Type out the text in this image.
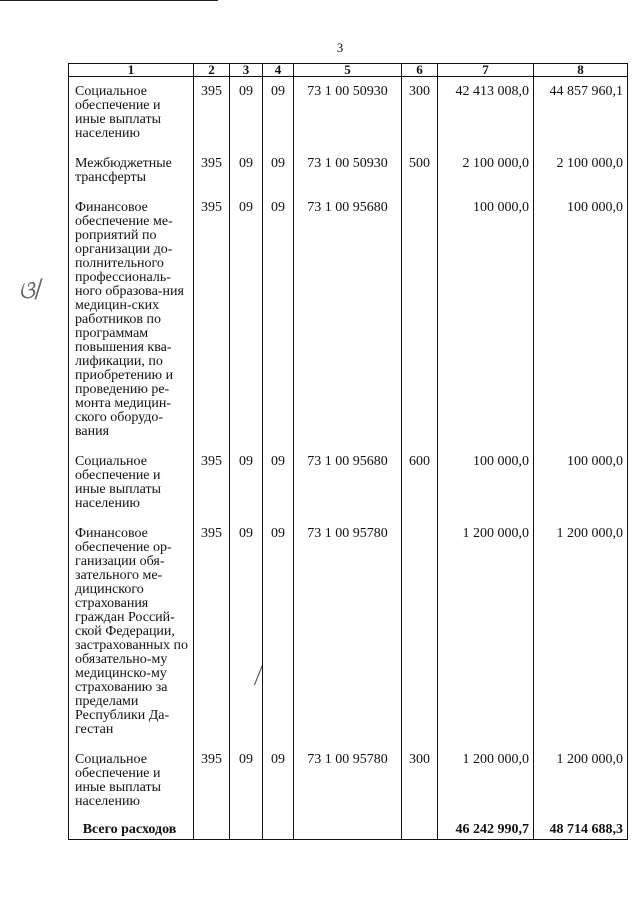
3
ଓ/
1	2	3	4	5	6	7	8
Социальное обеспечение и иные выплаты населению	395	09	09	73 1 00 50930	300	42 413 008,0	44 857 960,1
Межбюджетные трансферты	395	09	09	73 1 00 50930	500	2 100 000,0	2 100 000,0
Финансовое обеспечение ме-роприятий по организации до-полнительного профессиональ-ного образова-ния медицин-ских работников по программам повышения ква-лификации, по приобретению и проведению ре-монта медицин-ского оборудо-вания	395	09	09	73 1 00 95680		100 000,0	100 000,0
Социальное обеспечение и иные выплаты населению	395	09	09	73 1 00 95680	600	100 000,0	100 000,0
Финансовое обеспечение ор-ганизации обя-зательного ме-дицинского страхования граждан Россий-ской Федерации, застрахованных по обязательно-му медицинско-му страхованию за пределами Республики Да-гестан	395	09	09	73 1 00 95780		1 200 000,0	1 200 000,0
Социальное обеспечение и иные выплаты населению	395	09	09	73 1 00 95780	300	1 200 000,0	1 200 000,0
Всего расходов						46 242 990,7	48 714 688,3
